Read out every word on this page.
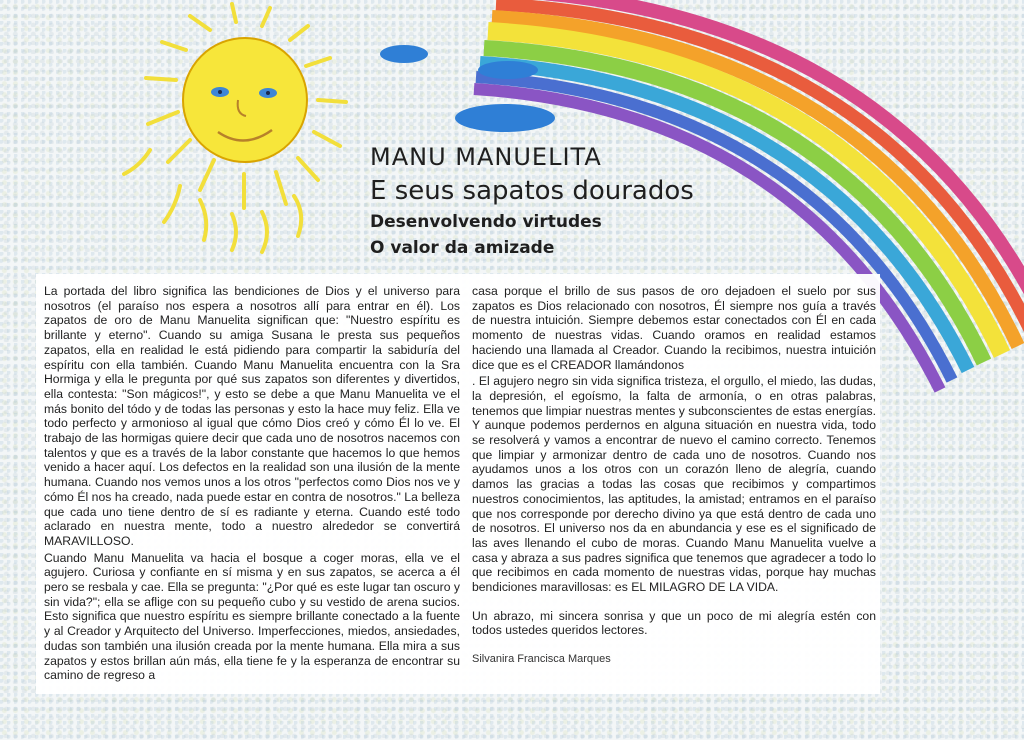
MANU MANUELITA

E seus sapatos dourados

Desenvolvendo virtudes

O valor da amizade

La portada del libro significa las bendiciones de Dios y el universo para nosotros (el paraíso nos espera a nosotros allí para entrar en él). Los zapatos de oro de Manu Manuelita significan que: "Nuestro espíritu es brillante y eterno". Cuando su amiga Susana le presta sus pequeños zapatos, ella en realidad le está pidiendo para compartir la sabiduría del espíritu con ella también. Cuando Manu Manuelita encuentra con la Sra Hormiga y ella le pregunta por qué sus zapatos son diferentes y divertidos, ella contesta: "Son mágicos!", y esto se debe a que Manu Manuelita ve el más bonito del tódo y de todas las personas y esto la hace muy feliz. Ella ve todo perfecto y armonioso al igual que cómo Dios creó y cómo Él lo ve. El trabajo de las hormigas quiere decir que cada uno de nosotros nacemos con talentos y que es a través de la labor constante que hacemos lo que hemos venido a hacer aquí. Los defectos en la realidad son una ilusión de la mente humana. Cuando nos vemos unos a los otros "perfectos como Dios nos ve y cómo Él nos ha creado, nada puede estar en contra de nosotros." La belleza que cada uno tiene dentro de sí es radiante y eterna. Cuando esté todo aclarado en nuestra mente, todo a nuestro alrededor se convertirá MARAVILLOSO.

Cuando Manu Manuelita va hacia el bosque a coger moras, ella ve el agujero. Curiosa y confiante en sí misma y en sus zapatos, se acerca a él pero se resbala y cae. Ella se pregunta: "¿Por qué es este lugar tan oscuro y sin vida?"; ella se aflige con su pequeño cubo y su vestido de arena sucios. Esto significa que nuestro espíritu es siempre brillante conectado a la fuente y al Creador y Arquitecto del Universo. Imperfecciones, miedos, ansiedades, dudas son también una ilusión creada por la mente humana. Ella mira a sus zapatos y estos brillan aún más, ella tiene fe y la esperanza de encontrar su camino de regreso a

casa porque el brillo de sus pasos de oro dejadoen el suelo por sus zapatos es Dios relacionado con nosotros, Él siempre nos guía a través de nuestra intuición. Siempre debemos estar conectados con Él en cada momento de nuestras vidas. Cuando oramos en realidad estamos haciendo una llamada al Creador. Cuando la recibimos, nuestra intuición dice que es el CREADOR llamándonos

. El agujero negro sin vida significa tristeza, el orgullo, el miedo, las dudas, la depresión, el egoísmo, la falta de armonía, o en otras palabras, tenemos que limpiar nuestras mentes y subconscientes de estas energías. Y aunque podemos perdernos en alguna situación en nuestra vida, todo se resolverá y vamos a encontrar de nuevo el camino correcto. Tenemos que limpiar y armonizar dentro de cada uno de nosotros. Cuando nos ayudamos unos a los otros con un corazón lleno de alegría, cuando damos las gracias a todas las cosas que recibimos y compartimos nuestros conocimientos, las aptitudes, la amistad; entramos en el paraíso que nos corresponde por derecho divino ya que está dentro de cada uno de nosotros. El universo nos da en abundancia y ese es el significado de las aves llenando el cubo de moras. Cuando Manu Manuelita vuelve a casa y abraza a sus padres significa que tenemos que agradecer a todo lo que recibimos en cada momento de nuestras vidas, porque hay muchas bendiciones maravillosas: es EL MILAGRO DE LA VIDA.

Un abrazo, mi sincera sonrisa y que un poco de mi alegría estén con todos ustedes queridos lectores.

Silvanira Francisca Marques
